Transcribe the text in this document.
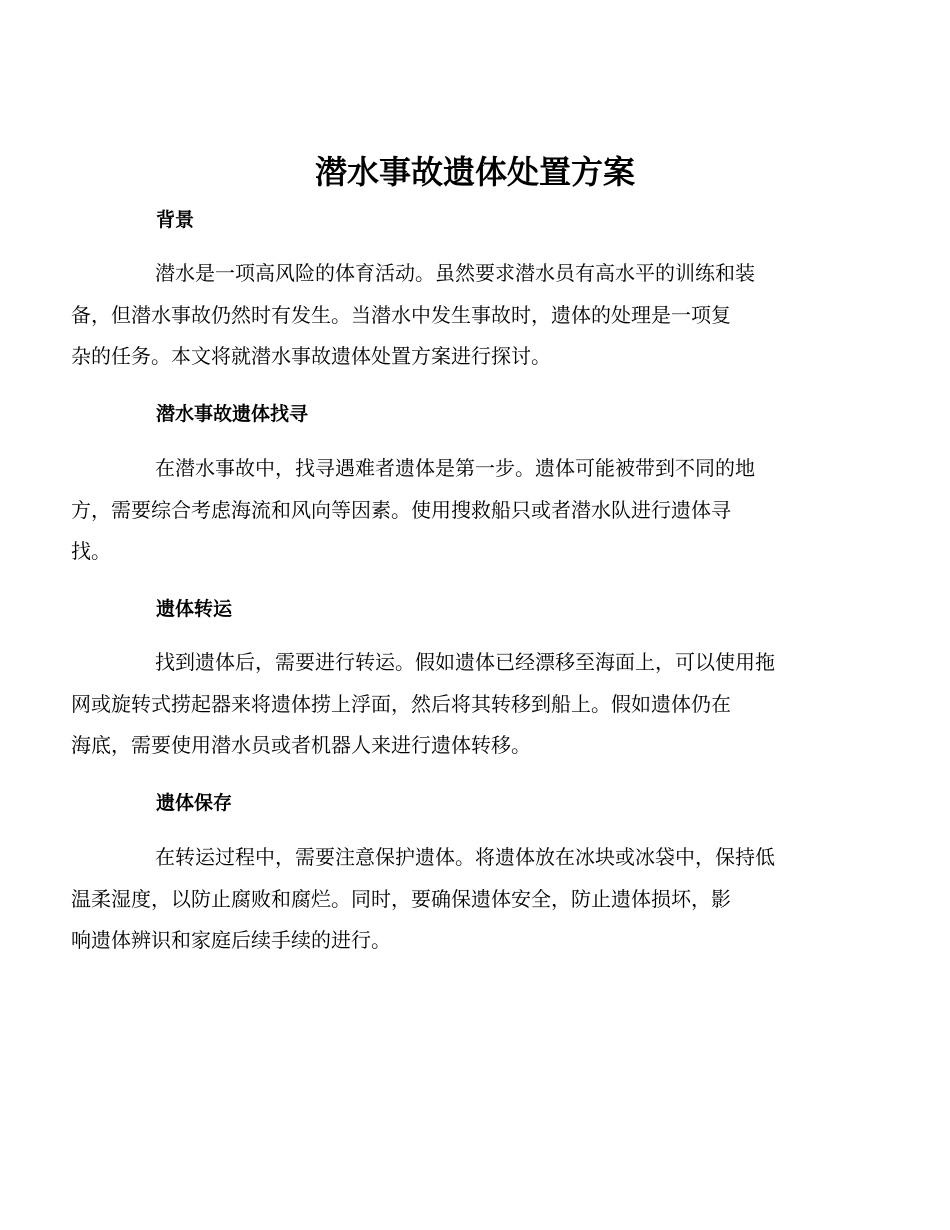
潜水事故遗体处置方案
背景
潜水是一项高风险的体育活动。虽然要求潜水员有高水平的训练和装
备，但潜水事故仍然时有发生。当潜水中发生事故时，遗体的处理是一项复
杂的任务。本文将就潜水事故遗体处置方案进行探讨。
潜水事故遗体找寻
在潜水事故中，找寻遇难者遗体是第一步。遗体可能被带到不同的地
方，需要综合考虑海流和风向等因素。使用搜救船只或者潜水队进行遗体寻
找。
遗体转运
找到遗体后，需要进行转运。假如遗体已经漂移至海面上，可以使用拖
网或旋转式捞起器来将遗体捞上浮面，然后将其转移到船上。假如遗体仍在
海底，需要使用潜水员或者机器人来进行遗体转移。
遗体保存
在转运过程中，需要注意保护遗体。将遗体放在冰块或冰袋中，保持低
温柔湿度，以防止腐败和腐烂。同时，要确保遗体安全，防止遗体损坏，影
响遗体辨识和家庭后续手续的进行。
